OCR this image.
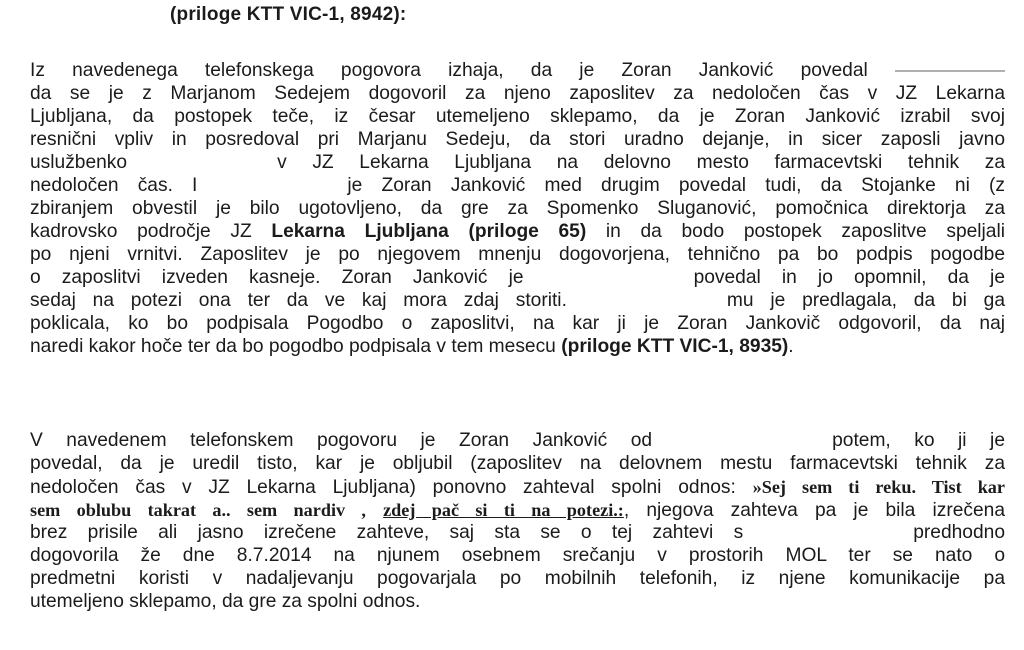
(priloge KTT VIC-1, 8942):
Iz navedenega telefonskega pogovora izhaja, da je Zoran Janković povedal
da se je z Marjanom Sedejem dogovoril za njeno zaposlitev za nedoločen čas v JZ Lekarna
Ljubljana, da postopek teče, iz česar utemeljeno sklepamo, da je Zoran Janković izrabil svoj
resnični vpliv in posredoval pri Marjanu Sedeju, da stori uradno dejanje, in sicer zaposli javno
uslužbenko	v JZ Lekarna Ljubljana na delovno mesto farmacevtski tehnik za
nedoločen čas. I	je Zoran Janković med drugim povedal tudi, da Stojanke ni (z
zbiranjem obvestil je bilo ugotovljeno, da gre za Spomenko Sluganović, pomočnica direktorja za
kadrovsko področje JZ Lekarna Ljubljana (priloge 65) in da bodo postopek zaposlitve speljali
po njeni vrnitvi. Zaposlitev je po njegovem mnenju dogovorjena, tehnično pa bo podpis pogodbe
o zaposlitvi izveden kasneje. Zoran Janković je	povedal in jo opomnil, da je
sedaj na potezi ona ter da ve kaj mora zdaj storiti.	mu je predlagala, da bi ga
poklicala, ko bo podpisala Pogodbo o zaposlitvi, na kar ji je Zoran Jankovič odgovoril, da naj
naredi kakor hoče ter da bo pogodbo podpisala v tem mesecu (priloge KTT VIC-1, 8935).
V navedenem telefonskem pogovoru je Zoran Janković od	potem, ko ji je
povedal, da je uredil tisto, kar je obljubil (zaposlitev na delovnem mestu farmacevtski tehnik za
nedoločen čas v JZ Lekarna Ljubljana) ponovno zahteval spolni odnos: »Sej sem ti reku. Tist kar
sem oblubu takrat a.. sem nardiv , zdej pač si ti na potezi.:, njegova zahteva pa je bila izrečena
brez prisile ali jasno izrečene zahteve, saj sta se o tej zahtevi s	predhodno
dogovorila že dne 8.7.2014 na njunem osebnem srečanju v prostorih MOL ter se nato o
predmetni koristi v nadaljevanju pogovarjala po mobilnih telefonih, iz njene komunikacije pa
utemeljeno sklepamo, da gre za spolni odnos.
